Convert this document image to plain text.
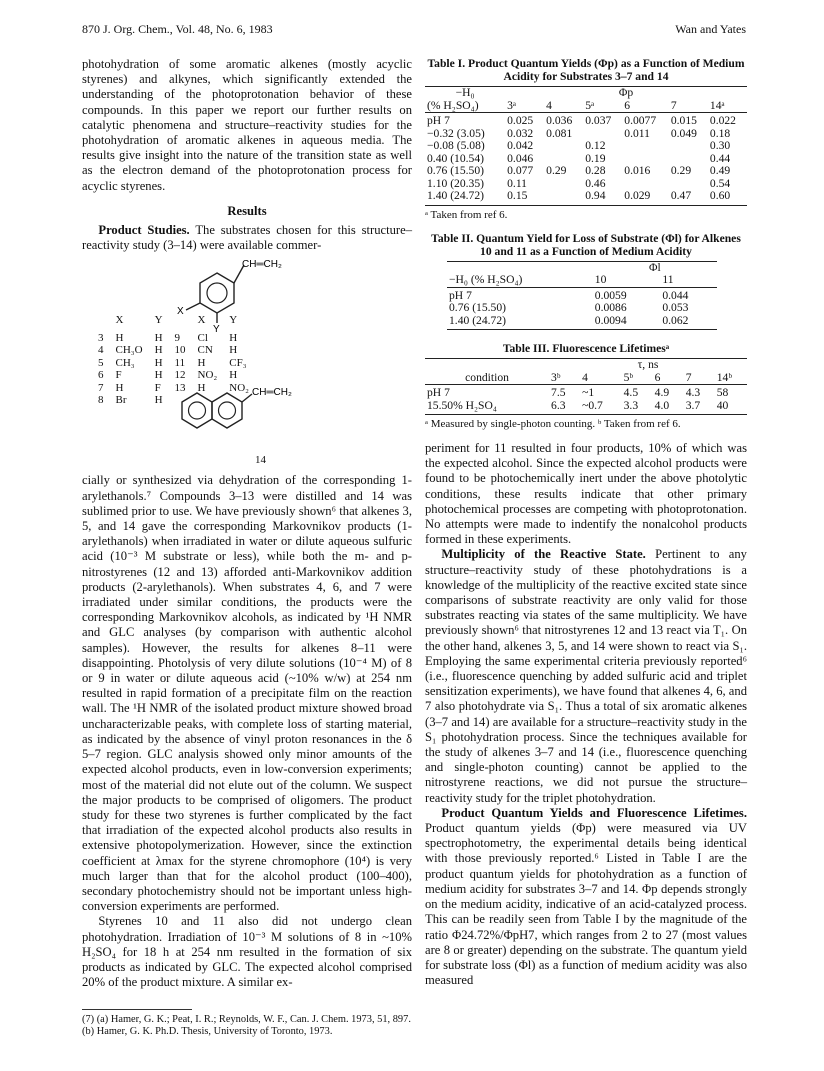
870 J. Org. Chem., Vol. 48, No. 6, 1983	Wan and Yates

photohydration of some aromatic alkenes (mostly acyclic styrenes) and alkynes, which significantly extended the understanding of the photoprotonation behavior of these compounds. In this paper we report our further results on catalytic phenomena and structure–reactivity studies for the photohydration of aromatic alkenes in aqueous media. The results give insight into the nature of the transition state as well as the electron demand of the photoprotonation process for acyclic styrenes.

Results

Product Studies. The substrates chosen for this structure–reactivity study (3–14) were available commer-

CH═CH₂
X
Y
CH═CH₂
	X	Y		X	Y
3	H	H	9	Cl	H
4	CH₃O	H	10	CN	H
5	CH₃	H	11	H	CF₃
6	F	H	12	NO₂	H
7	H	F	13	H	NO₂
8	Br	H			
14

cially or synthesized via dehydration of the corresponding 1-arylethanols.⁷ Compounds 3–13 were distilled and 14 was sublimed prior to use. We have previously shown⁶ that alkenes 3, 5, and 14 gave the corresponding Markovnikov products (1-arylethanols) when irradiated in water or dilute aqueous sulfuric acid (10⁻³ M substrate or less), while both the m- and p-nitrostyrenes (12 and 13) afforded anti-Markovnikov addition products (2-arylethanols). When substrates 4, 6, and 7 were irradiated under similar conditions, the products were the corresponding Markovnikov alcohols, as indicated by ¹H NMR and GLC analyses (by comparison with authentic alcohol samples). However, the results for alkenes 8–11 were disappointing. Photolysis of very dilute solutions (10⁻⁴ M) of 8 or 9 in water or dilute aqueous acid (~10% w/w) at 254 nm resulted in rapid formation of a precipitate film on the reaction wall. The ¹H NMR of the isolated product mixture showed broad uncharacterizable peaks, with complete loss of starting material, as indicated by the absence of vinyl proton resonances in the δ 5–7 region. GLC analysis showed only minor amounts of the expected alcohol products, even in low-conversion experiments; most of the material did not elute out of the column. We suspect the major products to be comprised of oligomers. The product study for these two styrenes is further complicated by the fact that irradiation of the expected alcohol products also results in extensive photopolymerization. However, since the extinction coefficient at λmax for the styrene chromophore (10⁴) is very much larger than that for the alcohol product (100–400), secondary photochemistry should not be important unless high-conversion experiments are performed.

Styrenes 10 and 11 also did not undergo clean photohydration. Irradiation of 10⁻³ M solutions of 8 in ~10% H₂SO₄ for 18 h at 254 nm resulted in the formation of six products as indicated by GLC. The expected alcohol comprised 20% of the product mixture. A similar ex-

(7) (a) Hamer, G. K.; Peat, I. R.; Reynolds, W. F., Can. J. Chem. 1973, 51, 897. (b) Hamer, G. K. Ph.D. Thesis, University of Toronto, 1973.
Table I. Product Quantum Yields (Φp) as a Function of Medium Acidity for Substrates 3–7 and 14
−H₀	Φp					
(% H₂SO₄)	3ᵃ	4	5ᵃ	6	7	14ᵃ
pH 7	0.025	0.036	0.037	0.0077	0.015	0.022
−0.32 (3.05)	0.032	0.081		0.011	0.049	0.18
−0.08 (5.08)	0.042		0.12			0.30
0.40 (10.54)	0.046		0.19			0.44
0.76 (15.50)	0.077	0.29	0.28	0.016	0.29	0.49
1.10 (20.35)	0.11		0.46			0.54
1.40 (24.72)	0.15		0.94	0.029	0.47	0.60
ᵃ Taken from ref 6.
Table II. Quantum Yield for Loss of Substrate (Φl) for Alkenes 10 and 11 as a Function of Medium Acidity
	Φl	
−H₀ (% H₂SO₄)	10	11
pH 7	0.0059	0.044
0.76 (15.50)	0.0086	0.053
1.40 (24.72)	0.0094	0.062
Table III. Fluorescence Lifetimesᵃ
	τ, ns					
condition	3ᵇ	4	5ᵇ	6	7	14ᵇ
pH 7	7.5	~1	4.5	4.9	4.3	58
15.50% H₂SO₄	6.3	~0.7	3.3	4.0	3.7	40
ᵃ Measured by single-photon counting. ᵇ Taken from ref 6.

periment for 11 resulted in four products, 10% of which was the expected alcohol. Since the expected alcohol products were found to be photochemically inert under the above photolytic conditions, these results indicate that other primary photochemical processes are competing with photoprotonation. No attempts were made to indentify the nonalcohol products formed in these experiments.

Multiplicity of the Reactive State. Pertinent to any structure–reactivity study of these photohydrations is a knowledge of the multiplicity of the reactive excited state since comparisons of substrate reactivity are only valid for those substrates reacting via states of the same multiplicity. We have previously shown⁶ that nitrostyrenes 12 and 13 react via T₁. On the other hand, alkenes 3, 5, and 14 were shown to react via S₁. Employing the same experimental criteria previously reported⁶ (i.e., fluorescence quenching by added sulfuric acid and triplet sensitization experiments), we have found that alkenes 4, 6, and 7 also photohydrate via S₁. Thus a total of six aromatic alkenes (3–7 and 14) are available for a structure–reactivity study in the S₁ photohydration process. Since the techniques available for the study of alkenes 3–7 and 14 (i.e., fluorescence quenching and single-photon counting) cannot be applied to the nitrostyrene reactions, we did not pursue the structure–reactivity study for the triplet photohydration.

Product Quantum Yields and Fluorescence Lifetimes. Product quantum yields (Φp) were measured via UV spectrophotometry, the experimental details being identical with those previously reported.⁶ Listed in Table I are the product quantum yields for photohydration as a function of medium acidity for substrates 3–7 and 14. Φp depends strongly on the medium acidity, indicative of an acid-catalyzed process. This can be readily seen from Table I by the magnitude of the ratio Φ24.72%/ΦpH7, which ranges from 2 to 27 (most values are 8 or greater) depending on the substrate. The quantum yield for substrate loss (Φl) as a function of medium acidity was also measured
